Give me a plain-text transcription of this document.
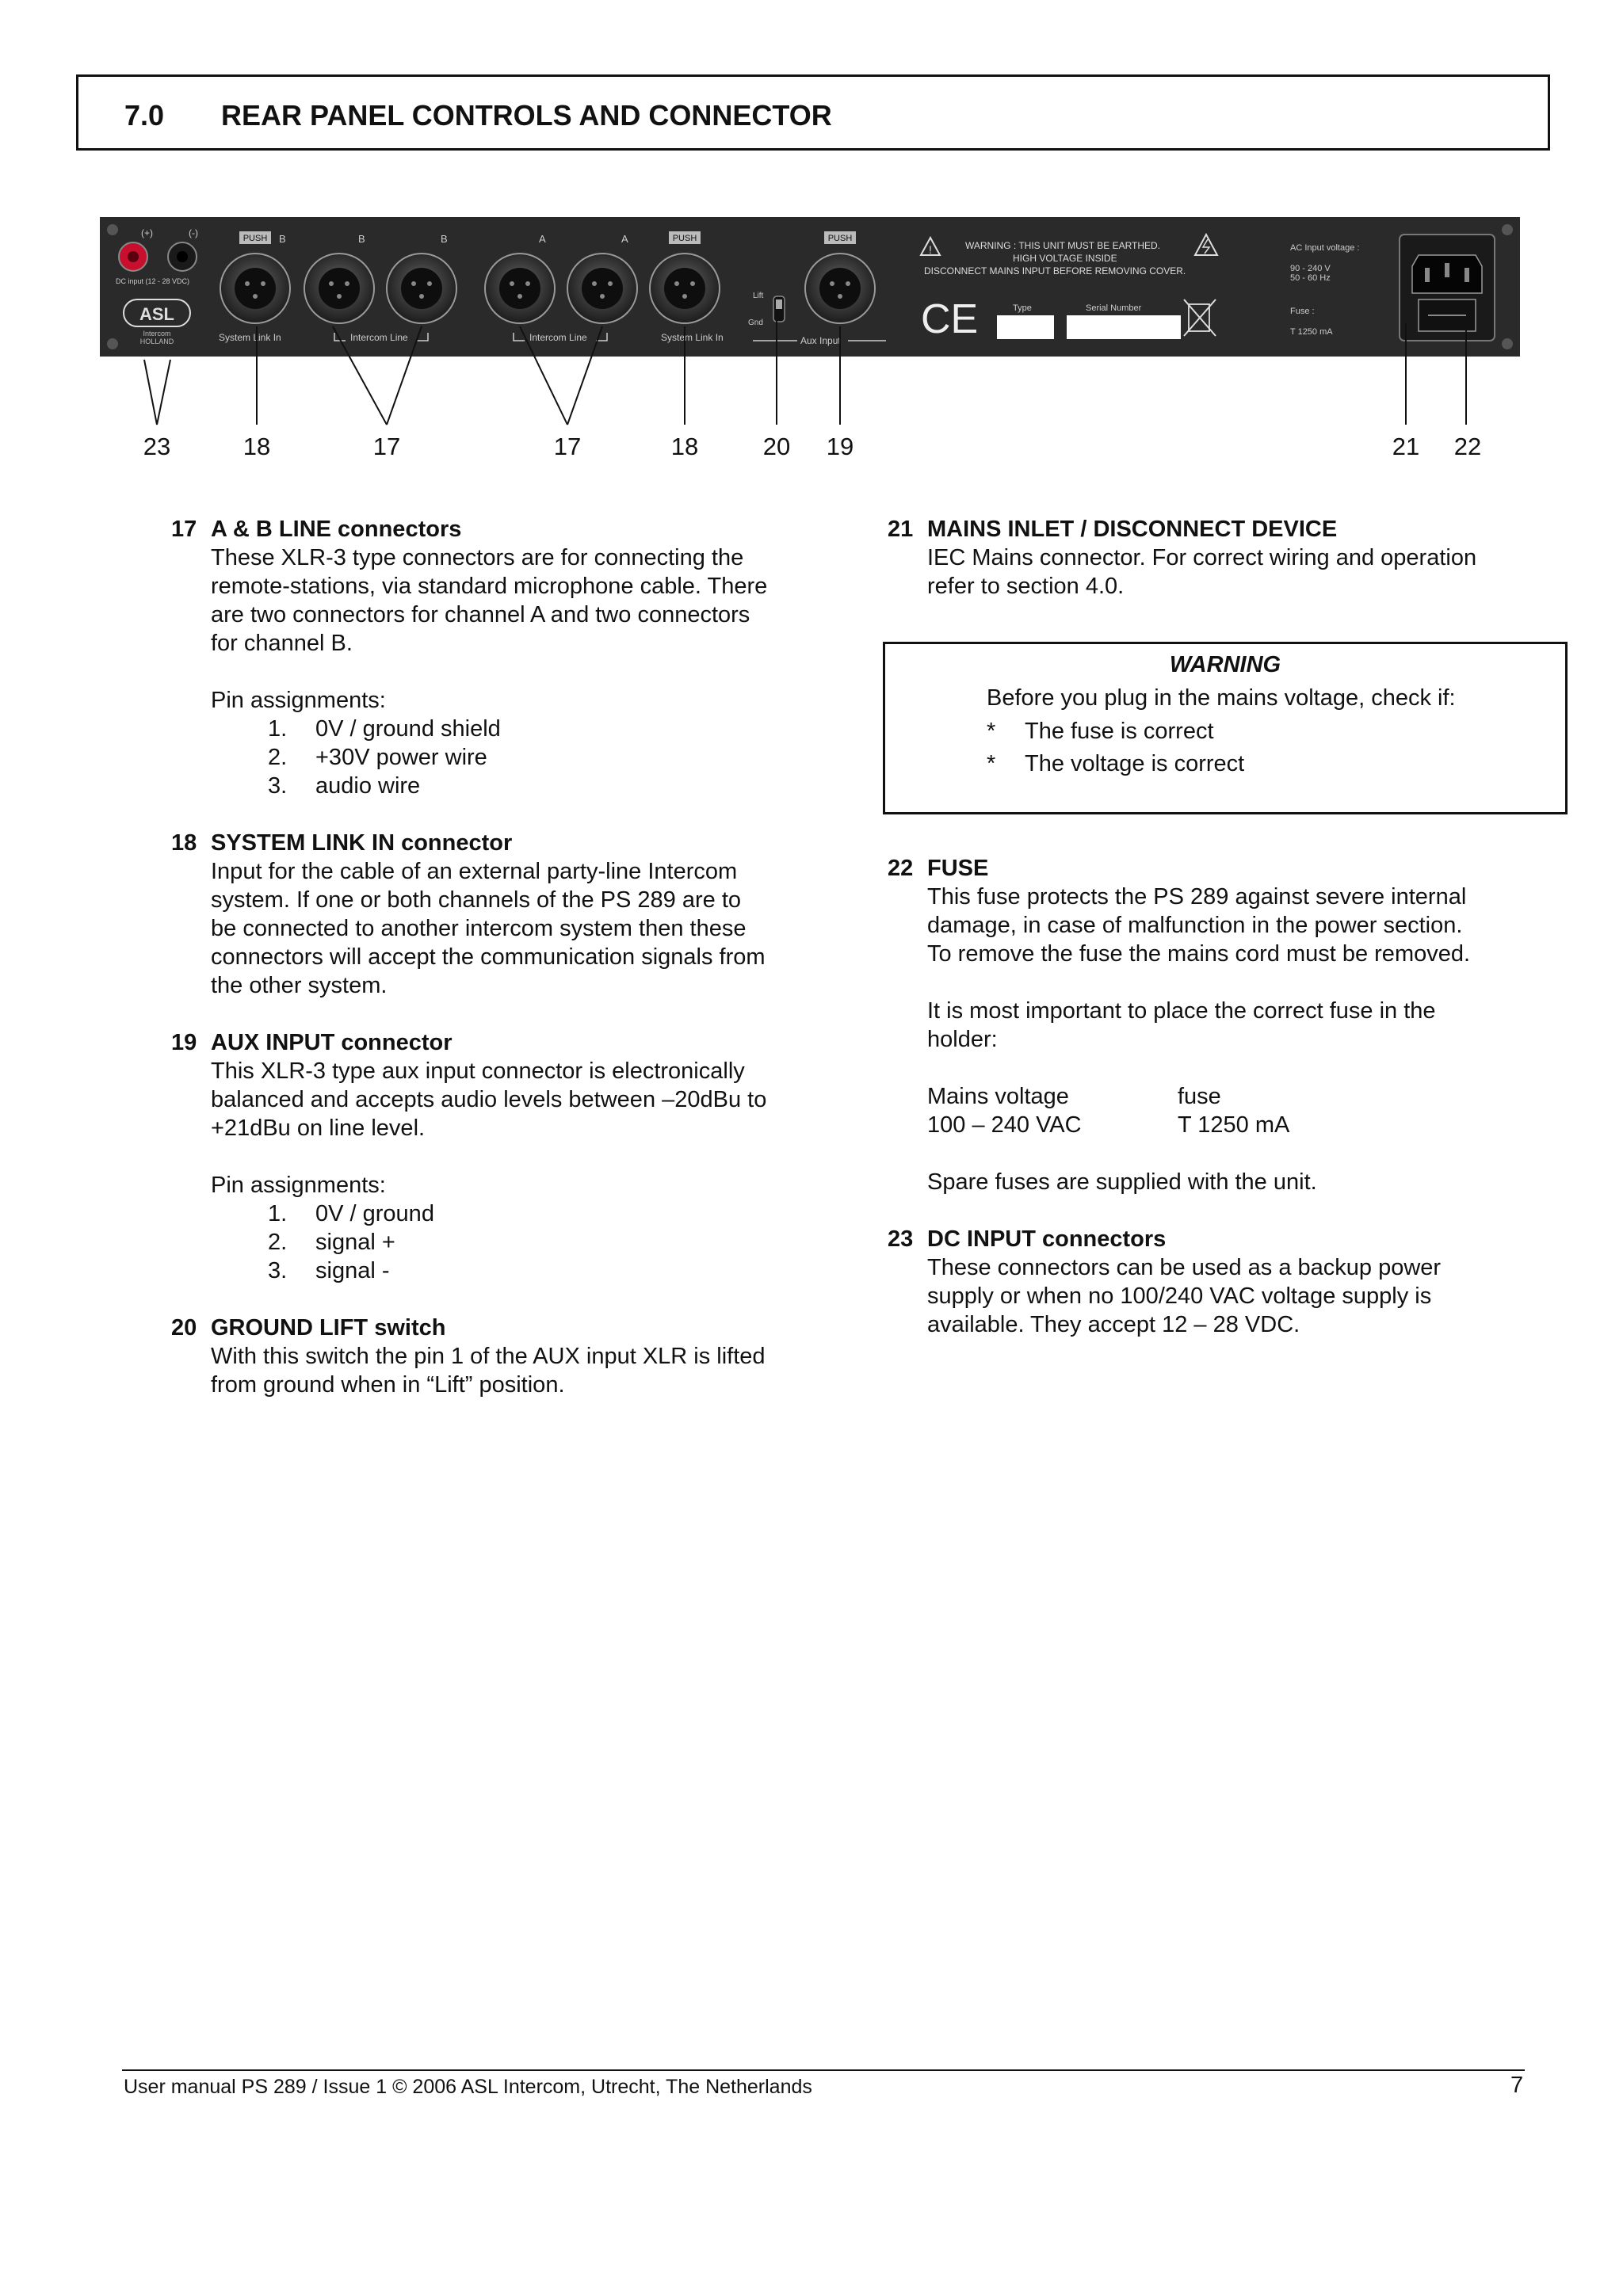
7.0 REAR PANEL CONTROLS AND CONNECTOR
(+)	(-)
DC input (12 - 28 VDC)
ASL
Intercom
HOLLAND
PUSH	PUSH	PUSH
B	B	B	A	A
System Link In	Intercom Line	Intercom Line	System Link In
Lift
Gnd
Aux Input
!	WARNING : THIS UNIT MUST BE EARTHED.
HIGH VOLTAGE INSIDE
DISCONNECT MAINS INPUT BEFORE REMOVING COVER.
CE	Type	Serial Number
AC Input voltage :
90 - 240 V
50 - 60 Hz
Fuse :
T 1250 mA
23	18	17	17	18	20 19	21 22
17 A & B LINE connectors
These XLR-3 type connectors are for connecting the
remote-stations, via standard microphone cable. There
are two connectors for channel A and two connectors
for channel B.
Pin assignments:
1. 0V / ground shield
2. +30V power wire
3. audio wire
18 SYSTEM LINK IN connector
Input for the cable of an external party-line Intercom
system. If one or both channels of the PS 289 are to
be connected to another intercom system then these
connectors will accept the communication signals from
the other system.
19 AUX INPUT connector
This XLR-3 type aux input connector is electronically
balanced and accepts audio levels between –20dBu to
+21dBu on line level.
Pin assignments:
1. 0V / ground
2. signal +
3. signal -
20 GROUND LIFT switch
With this switch the pin 1 of the AUX input XLR is lifted
from ground when in “Lift” position.
21 MAINS INLET / DISCONNECT DEVICE
IEC Mains connector. For correct wiring and operation
refer to section 4.0.
WARNING
Before you plug in the mains voltage, check if:
* The fuse is correct
* The voltage is correct
22 FUSE
This fuse protects the PS 289 against severe internal
damage, in case of malfunction in the power section.
To remove the fuse the mains cord must be removed.
It is most important to place the correct fuse in the
holder:
Mains voltage	fuse
100 – 240 VAC	T 1250 mA
Spare fuses are supplied with the unit.
23 DC INPUT connectors
These connectors can be used as a backup power
supply or when no 100/240 VAC voltage supply is
available. They accept 12 – 28 VDC.
User manual PS 289 / Issue 1 © 2006 ASL Intercom, Utrecht, The Netherlands	7
